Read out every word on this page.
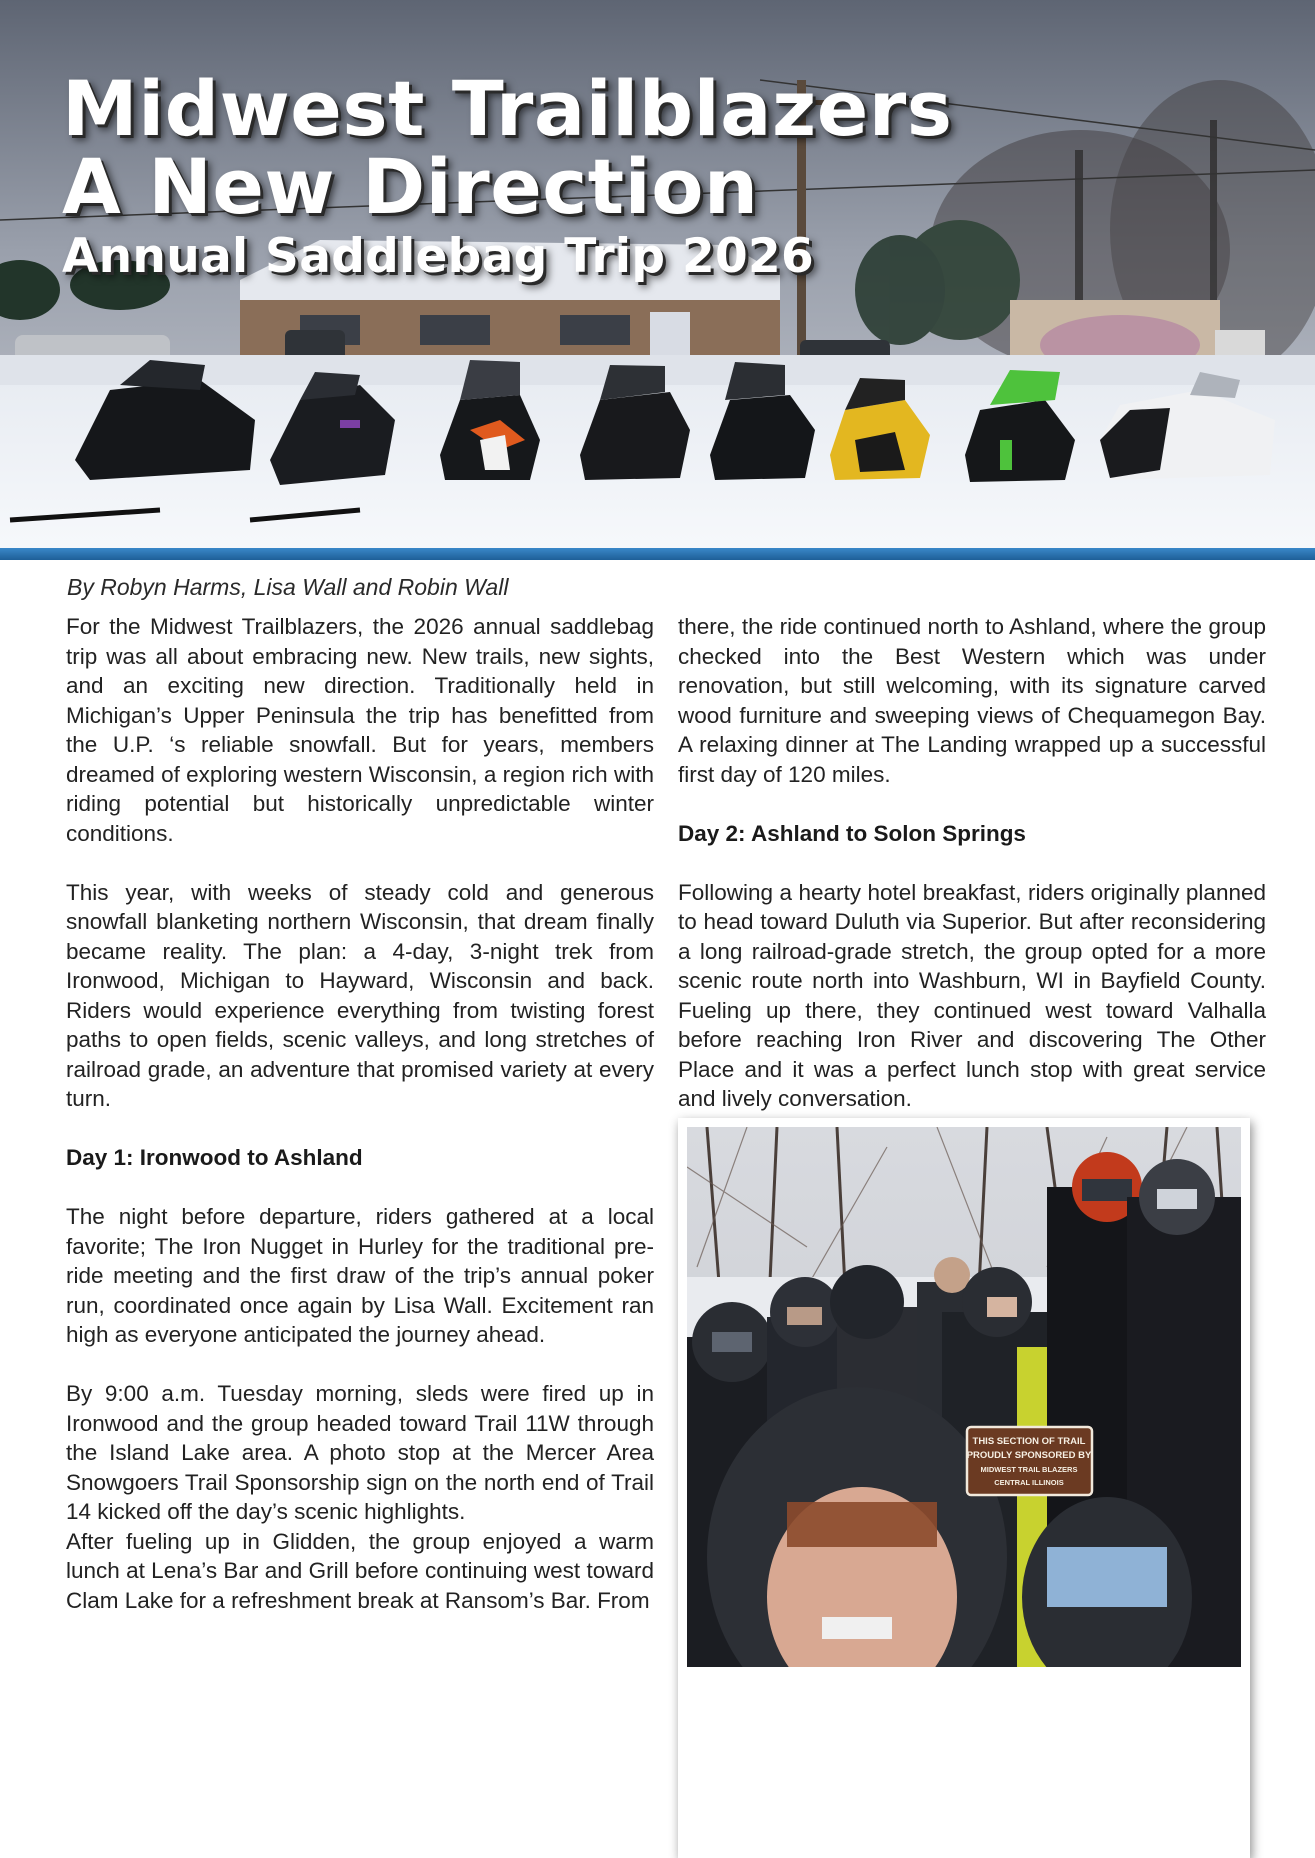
Midwest Trailblazers
A New Direction
Annual Saddlebag Trip 2026

By Robyn Harms, Lisa Wall and Robin Wall

For the Midwest Trailblazers, the 2026 annual saddlebag trip was all about embracing new. New trails, new sights, and an exciting new direction. Traditionally held in Michigan’s Upper Peninsula the trip has benefitted from the U.P. ‘s reliable snowfall. But for years, members dreamed of exploring western Wisconsin, a region rich with riding potential but historically unpredictable winter conditions.

This year, with weeks of steady cold and generous snowfall blanketing northern Wisconsin, that dream finally became reality. The plan: a 4-day, 3-night trek from Ironwood, Michigan to Hayward, Wisconsin and back. Riders would experience everything from twisting forest paths to open fields, scenic valleys, and long stretches of railroad grade, an adventure that promised variety at every turn.

Day 1: Ironwood to Ashland

The night before departure, riders gathered at a local favorite; The Iron Nugget in Hurley for the traditional pre-ride meeting and the first draw of the trip’s annual poker run, coordinated once again by Lisa Wall. Excitement ran high as everyone anticipated the journey ahead.

By 9:00 a.m. Tuesday morning, sleds were fired up in Ironwood and the group headed toward Trail 11W through the Island Lake area. A photo stop at the Mercer Area Snowgoers Trail Sponsorship sign on the north end of Trail 14 kicked off the day’s scenic highlights.

After fueling up in Glidden, the group enjoyed a warm lunch at Lena’s Bar and Grill before continuing west toward Clam Lake for a refreshment break at Ransom’s Bar. From

there, the ride continued north to Ashland, where the group checked into the Best Western which was under renovation, but still welcoming, with its signature carved wood furniture and sweeping views of Chequamegon Bay. A relaxing dinner at The Landing wrapped up a successful first day of 120 miles.

Day 2: Ashland to Solon Springs

Following a hearty hotel breakfast, riders originally planned to head toward Duluth via Superior. But after reconsidering a long railroad-grade stretch, the group opted for a more scenic route north into Washburn, WI in Bayfield County. Fueling up there, they continued west toward Valhalla before reaching Iron River and discovering The Other Place and it was a perfect lunch stop with great service and lively conversation.

THIS SECTION OF TRAIL
PROUDLY SPONSORED BY
MIDWEST TRAIL BLAZERS
CENTRAL ILLINOIS
